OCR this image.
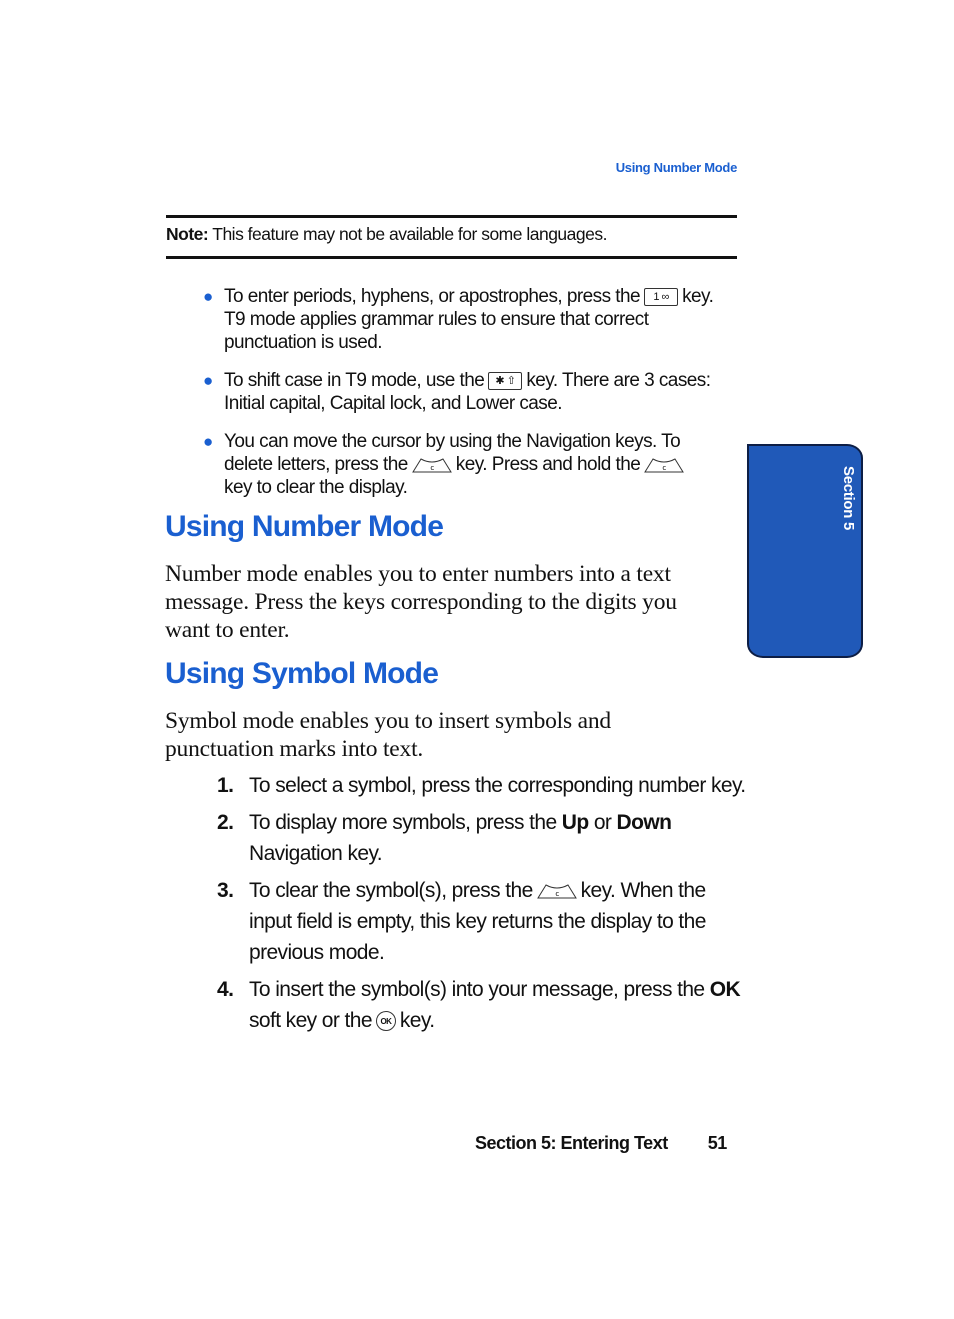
Using Number Mode
Note: This feature may not be available for some languages.
● To enter periods, hyphens, or apostrophes, press the 1 ∞ key.
T9 mode applies grammar rules to ensure that correct
punctuation is used.
● To shift case in T9 mode, use the ✱ ⇧ key. There are 3 cases:
Initial capital, Capital lock, and Lower case.
● You can move the cursor by using the Navigation keys. To
delete letters, press the	c key. Press and hold the	c
key to clear the display.
Using Number Mode
Number mode enables you to enter numbers into a text
message. Press the keys corresponding to the digits you
want to enter.
Using Symbol Mode
Symbol mode enables you to insert symbols and
punctuation marks into text.
1. To select a symbol, press the corresponding number key.
2. To display more symbols, press the Up or Down
Navigation key.
3. To clear the symbol(s), press the	c key. When the
input field is empty, this key returns the display to the
previous mode.
4. To insert the symbol(s) into your message, press the OK
soft key or the OK key.
Section 5: Entering Text 51
Section 5
